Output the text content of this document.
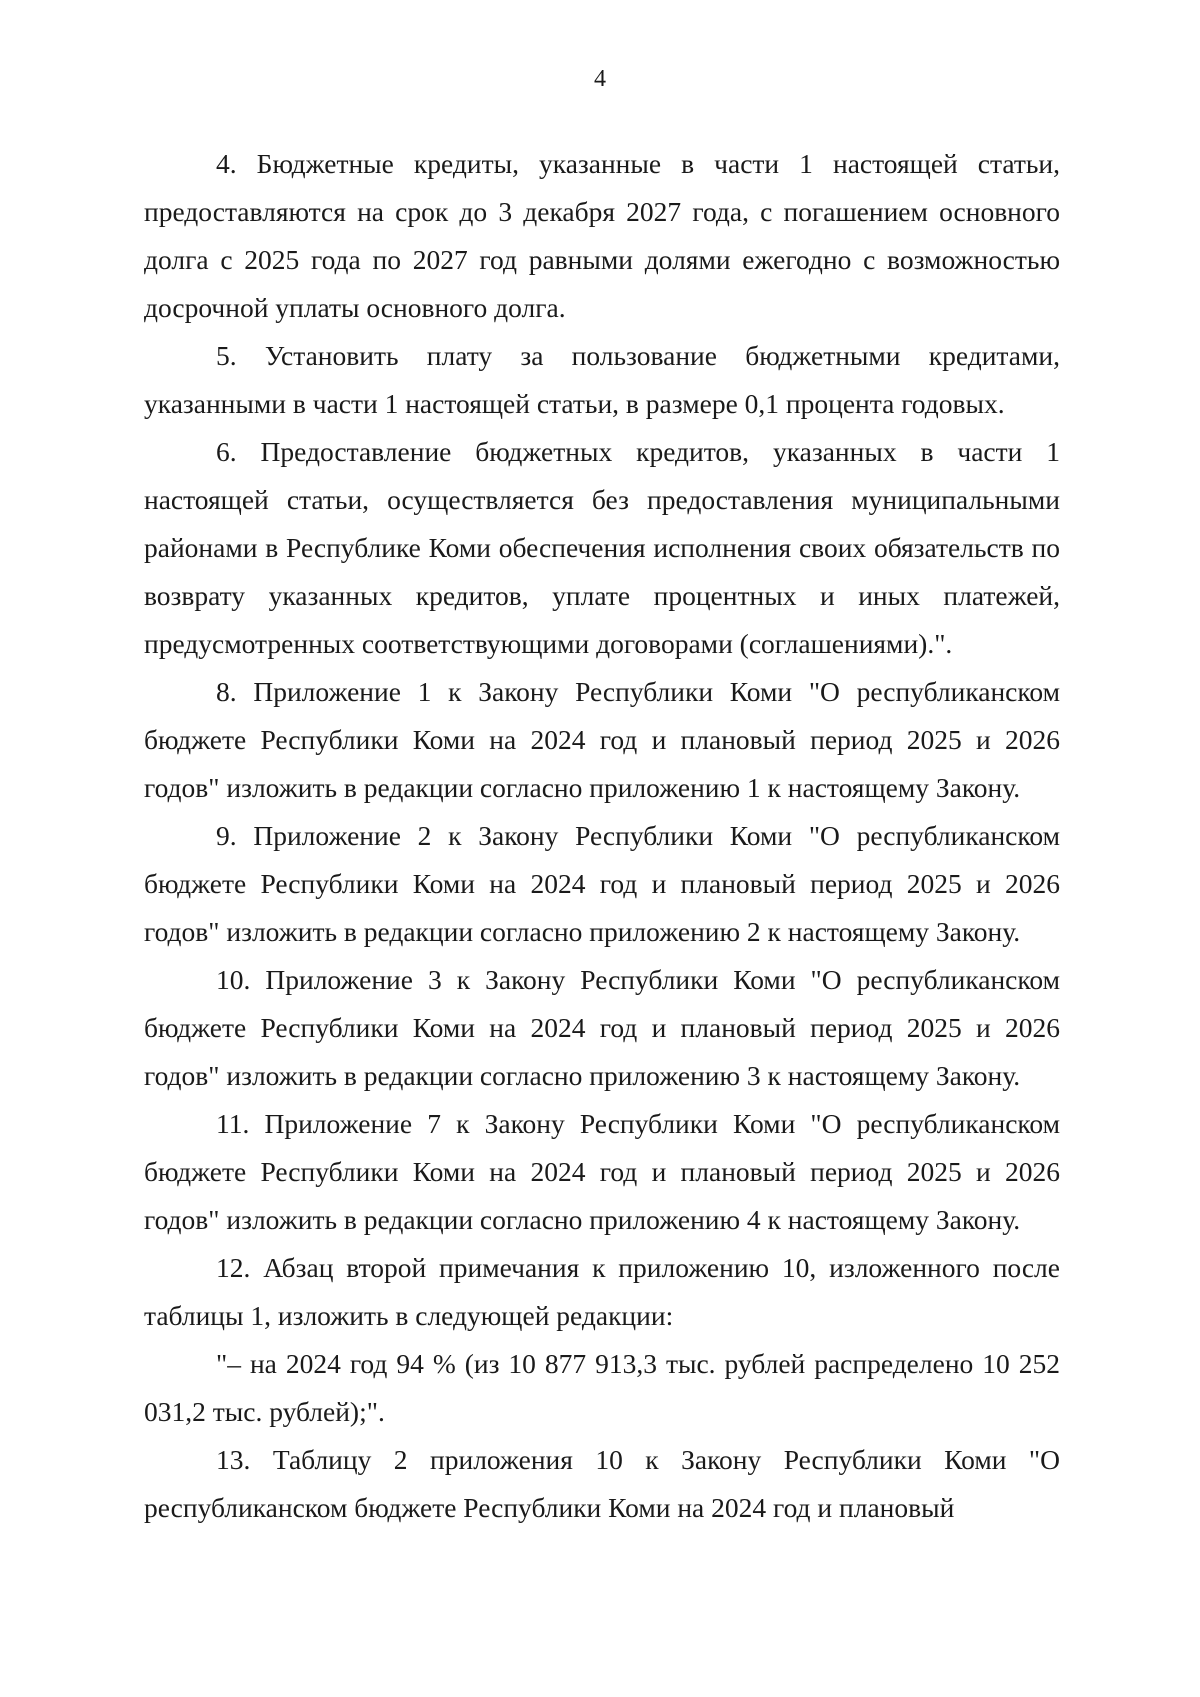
4

4. Бюджетные кредиты, указанные в части 1 настоящей статьи, предоставляются на срок до 3 декабря 2027 года, с погашением основного долга с 2025 года по 2027 год равными долями ежегодно с возможностью досрочной уплаты основного долга.

5. Установить плату за пользование бюджетными кредитами, указанными в части 1 настоящей статьи, в размере 0,1 процента годовых.

6. Предоставление бюджетных кредитов, указанных в части 1 настоящей статьи, осуществляется без предоставления муниципальными районами в Республике Коми обеспечения исполнения своих обязательств по возврату указанных кредитов, уплате процентных и иных платежей, предусмотренных соответствующими договорами (соглашениями).".

8. Приложение 1 к Закону Республики Коми "О республиканском бюджете Республики Коми на 2024 год и плановый период 2025 и 2026 годов" изложить в редакции согласно приложению 1 к настоящему Закону.

9. Приложение 2 к Закону Республики Коми "О республиканском бюджете Республики Коми на 2024 год и плановый период 2025 и 2026 годов" изложить в редакции согласно приложению 2 к настоящему Закону.

10. Приложение 3 к Закону Республики Коми "О республиканском бюджете Республики Коми на 2024 год и плановый период 2025 и 2026 годов" изложить в редакции согласно приложению 3 к настоящему Закону.

11. Приложение 7 к Закону Республики Коми "О республиканском бюджете Республики Коми на 2024 год и плановый период 2025 и 2026 годов" изложить в редакции согласно приложению 4 к настоящему Закону.

12. Абзац второй примечания к приложению 10, изложенного после таблицы 1, изложить в следующей редакции:

"– на 2024 год 94 % (из 10 877 913,3 тыс. рублей распределено 10 252 031,2 тыс. рублей);".

13. Таблицу 2 приложения 10 к Закону Республики Коми "О республиканском бюджете Республики Коми на 2024 год и плановый
